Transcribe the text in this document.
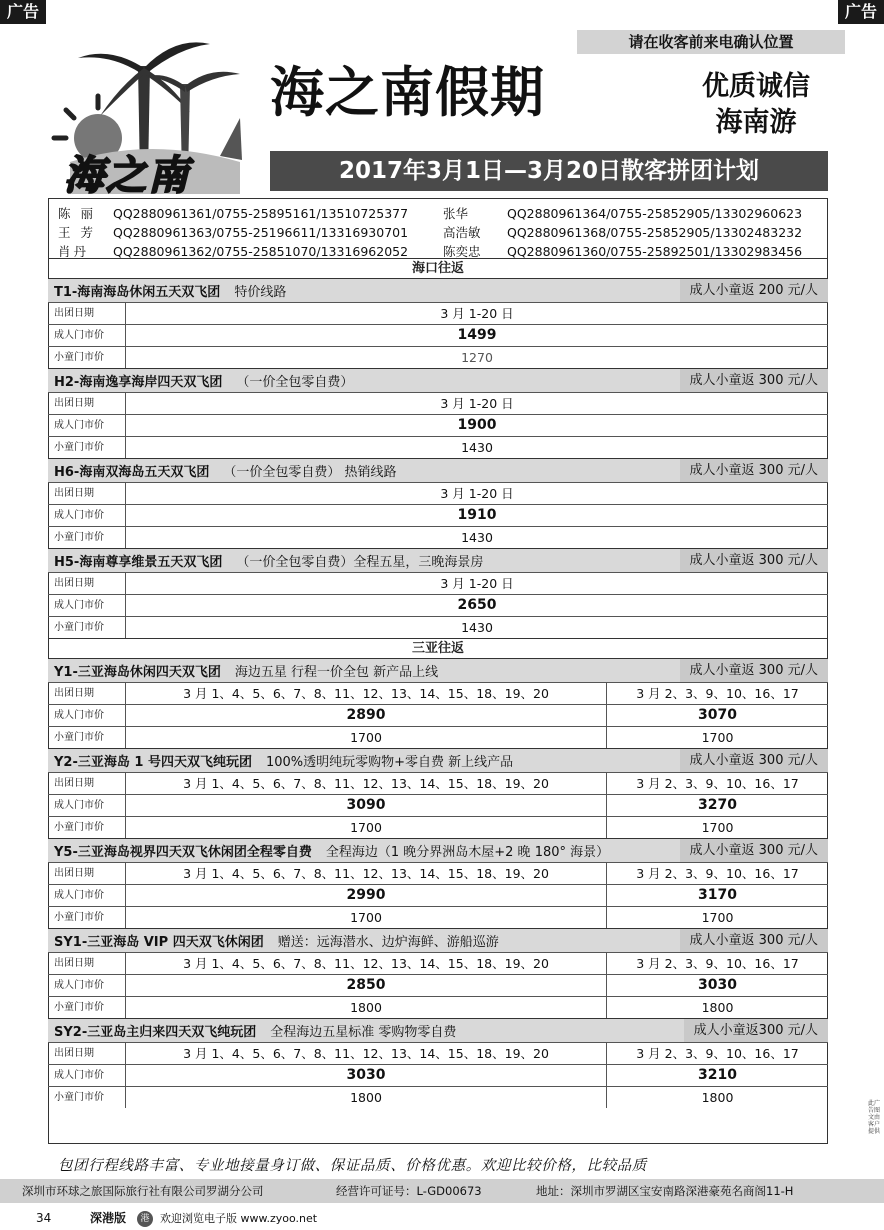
广告	广告
请在收客前来电确认位置
海之南
海之南假期	优质诚信
海南游
2017年3月1日—3月20日散客拼团计划
陈 丽	QQ2880961361/0755-25895161/13510725377	张华	QQ2880961364/0755-25852905/13302960623
王 芳	QQ2880961363/0755-25196611/13316930701	高浩敏	QQ2880961368/0755-25852905/13302483232
肖丹	QQ2880961362/0755-25851070/13316962052	陈奕忠	QQ2880961360/0755-25892501/13302983456
海口往返
T1-海南海岛休闲五天双飞团 特价线路	成人小童返 200 元/人
出团日期	3 月 1-20 日
成人门市价	1499
小童门市价	1270
H2-海南逸享海岸四天双飞团 （一价全包零自费）	成人小童返 300 元/人
出团日期	3 月 1-20 日
成人门市价	1900
小童门市价	1430
H6-海南双海岛五天双飞团 （一价全包零自费） 热销线路	成人小童返 300 元/人
出团日期	3 月 1-20 日
成人门市价	1910
小童门市价	1430
H5-海南尊享维景五天双飞团 （一价全包零自费）全程五星，三晚海景房	成人小童返 300 元/人
出团日期	3 月 1-20 日
成人门市价	2650
小童门市价	1430
三亚往返
Y1-三亚海岛休闲四天双飞团 海边五星 行程一价全包 新产品上线	成人小童返 300 元/人
出团日期	3 月 1、4、5、6、7、8、11、12、13、14、15、18、19、20	3 月 2、3、9、10、16、17
成人门市价	2890	3070
小童门市价	1700	1700
Y2-三亚海岛 1 号四天双飞纯玩团 100%透明纯玩零购物+零自费 新上线产品	成人小童返 300 元/人
出团日期	3 月 1、4、5、6、7、8、11、12、13、14、15、18、19、20	3 月 2、3、9、10、16、17
成人门市价	3090	3270
小童门市价	1700	1700
Y5-三亚海岛视界四天双飞休闲团全程零自费 全程海边（1 晚分界洲岛木屋+2 晚 180° 海景）	成人小童返 300 元/人
出团日期	3 月 1、4、5、6、7、8、11、12、13、14、15、18、19、20	3 月 2、3、9、10、16、17
成人门市价	2990	3170
小童门市价	1700	1700
SY1-三亚海岛 VIP 四天双飞休闲团 赠送：远海潜水、边炉海鲜、游船巡游	成人小童返 300 元/人
出团日期	3 月 1、4、5、6、7、8、11、12、13、14、15、18、19、20	3 月 2、3、9、10、16、17
成人门市价	2850	3030
小童门市价	1800	1800
SY2-三亚岛主归来四天双飞纯玩团 全程海边五星标准 零购物零自费	成人小童返300 元/人
出团日期	3 月 1、4、5、6、7、8、11、12、13、14、15、18、19、20	3 月 2、3、9、10、16、17
成人门市价	3030	3210
小童门市价	1800	1800
包团行程线路丰富、专业地接量身订做、保证品质、价格优惠。欢迎比较价格，比较品质
深圳市环球之旅国际旅行社有限公司罗湖分公司	经营许可证号：L-GD00673	地址：深圳市罗湖区宝安南路深港豪苑名商阁11-H
34	深港版	港 欢迎浏览电子版 www.zyoo.net
此广告图文由客户提供
